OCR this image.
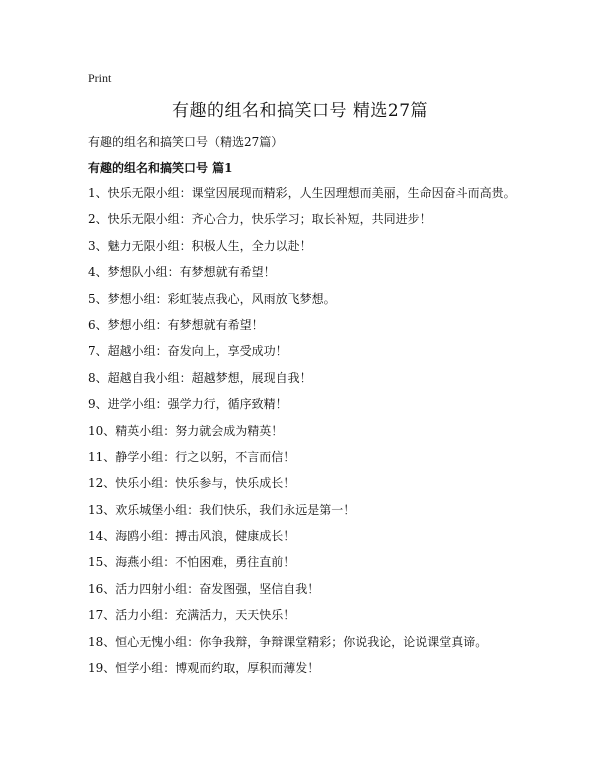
Print
有趣的组名和搞笑口号 精选27篇
有趣的组名和搞笑口号（精选27篇）
有趣的组名和搞笑口号 篇1
1、快乐无限小组：课堂因展现而精彩，人生因理想而美丽，生命因奋斗而高贵。
2、快乐无限小组：齐心合力，快乐学习；取长补短，共同进步！
3、魅力无限小组：积极人生，全力以赴！
4、梦想队小组：有梦想就有希望！
5、梦想小组：彩虹装点我心，风雨放飞梦想。
6、梦想小组：有梦想就有希望！
7、超越小组：奋发向上，享受成功！
8、超越自我小组：超越梦想，展现自我！
9、进学小组：强学力行，循序致精！
10、精英小组：努力就会成为精英！
11、静学小组：行之以躬，不言而信！
12、快乐小组：快乐参与，快乐成长！
13、欢乐城堡小组：我们快乐，我们永远是第一！
14、海鸥小组：搏击风浪，健康成长！
15、海燕小组：不怕困难，勇往直前！
16、活力四射小组：奋发图强，坚信自我！
17、活力小组：充满活力，天天快乐！
18、恒心无愧小组：你争我辩，争辩课堂精彩；你说我论，论说课堂真谛。
19、恒学小组：博观而约取，厚积而薄发！
